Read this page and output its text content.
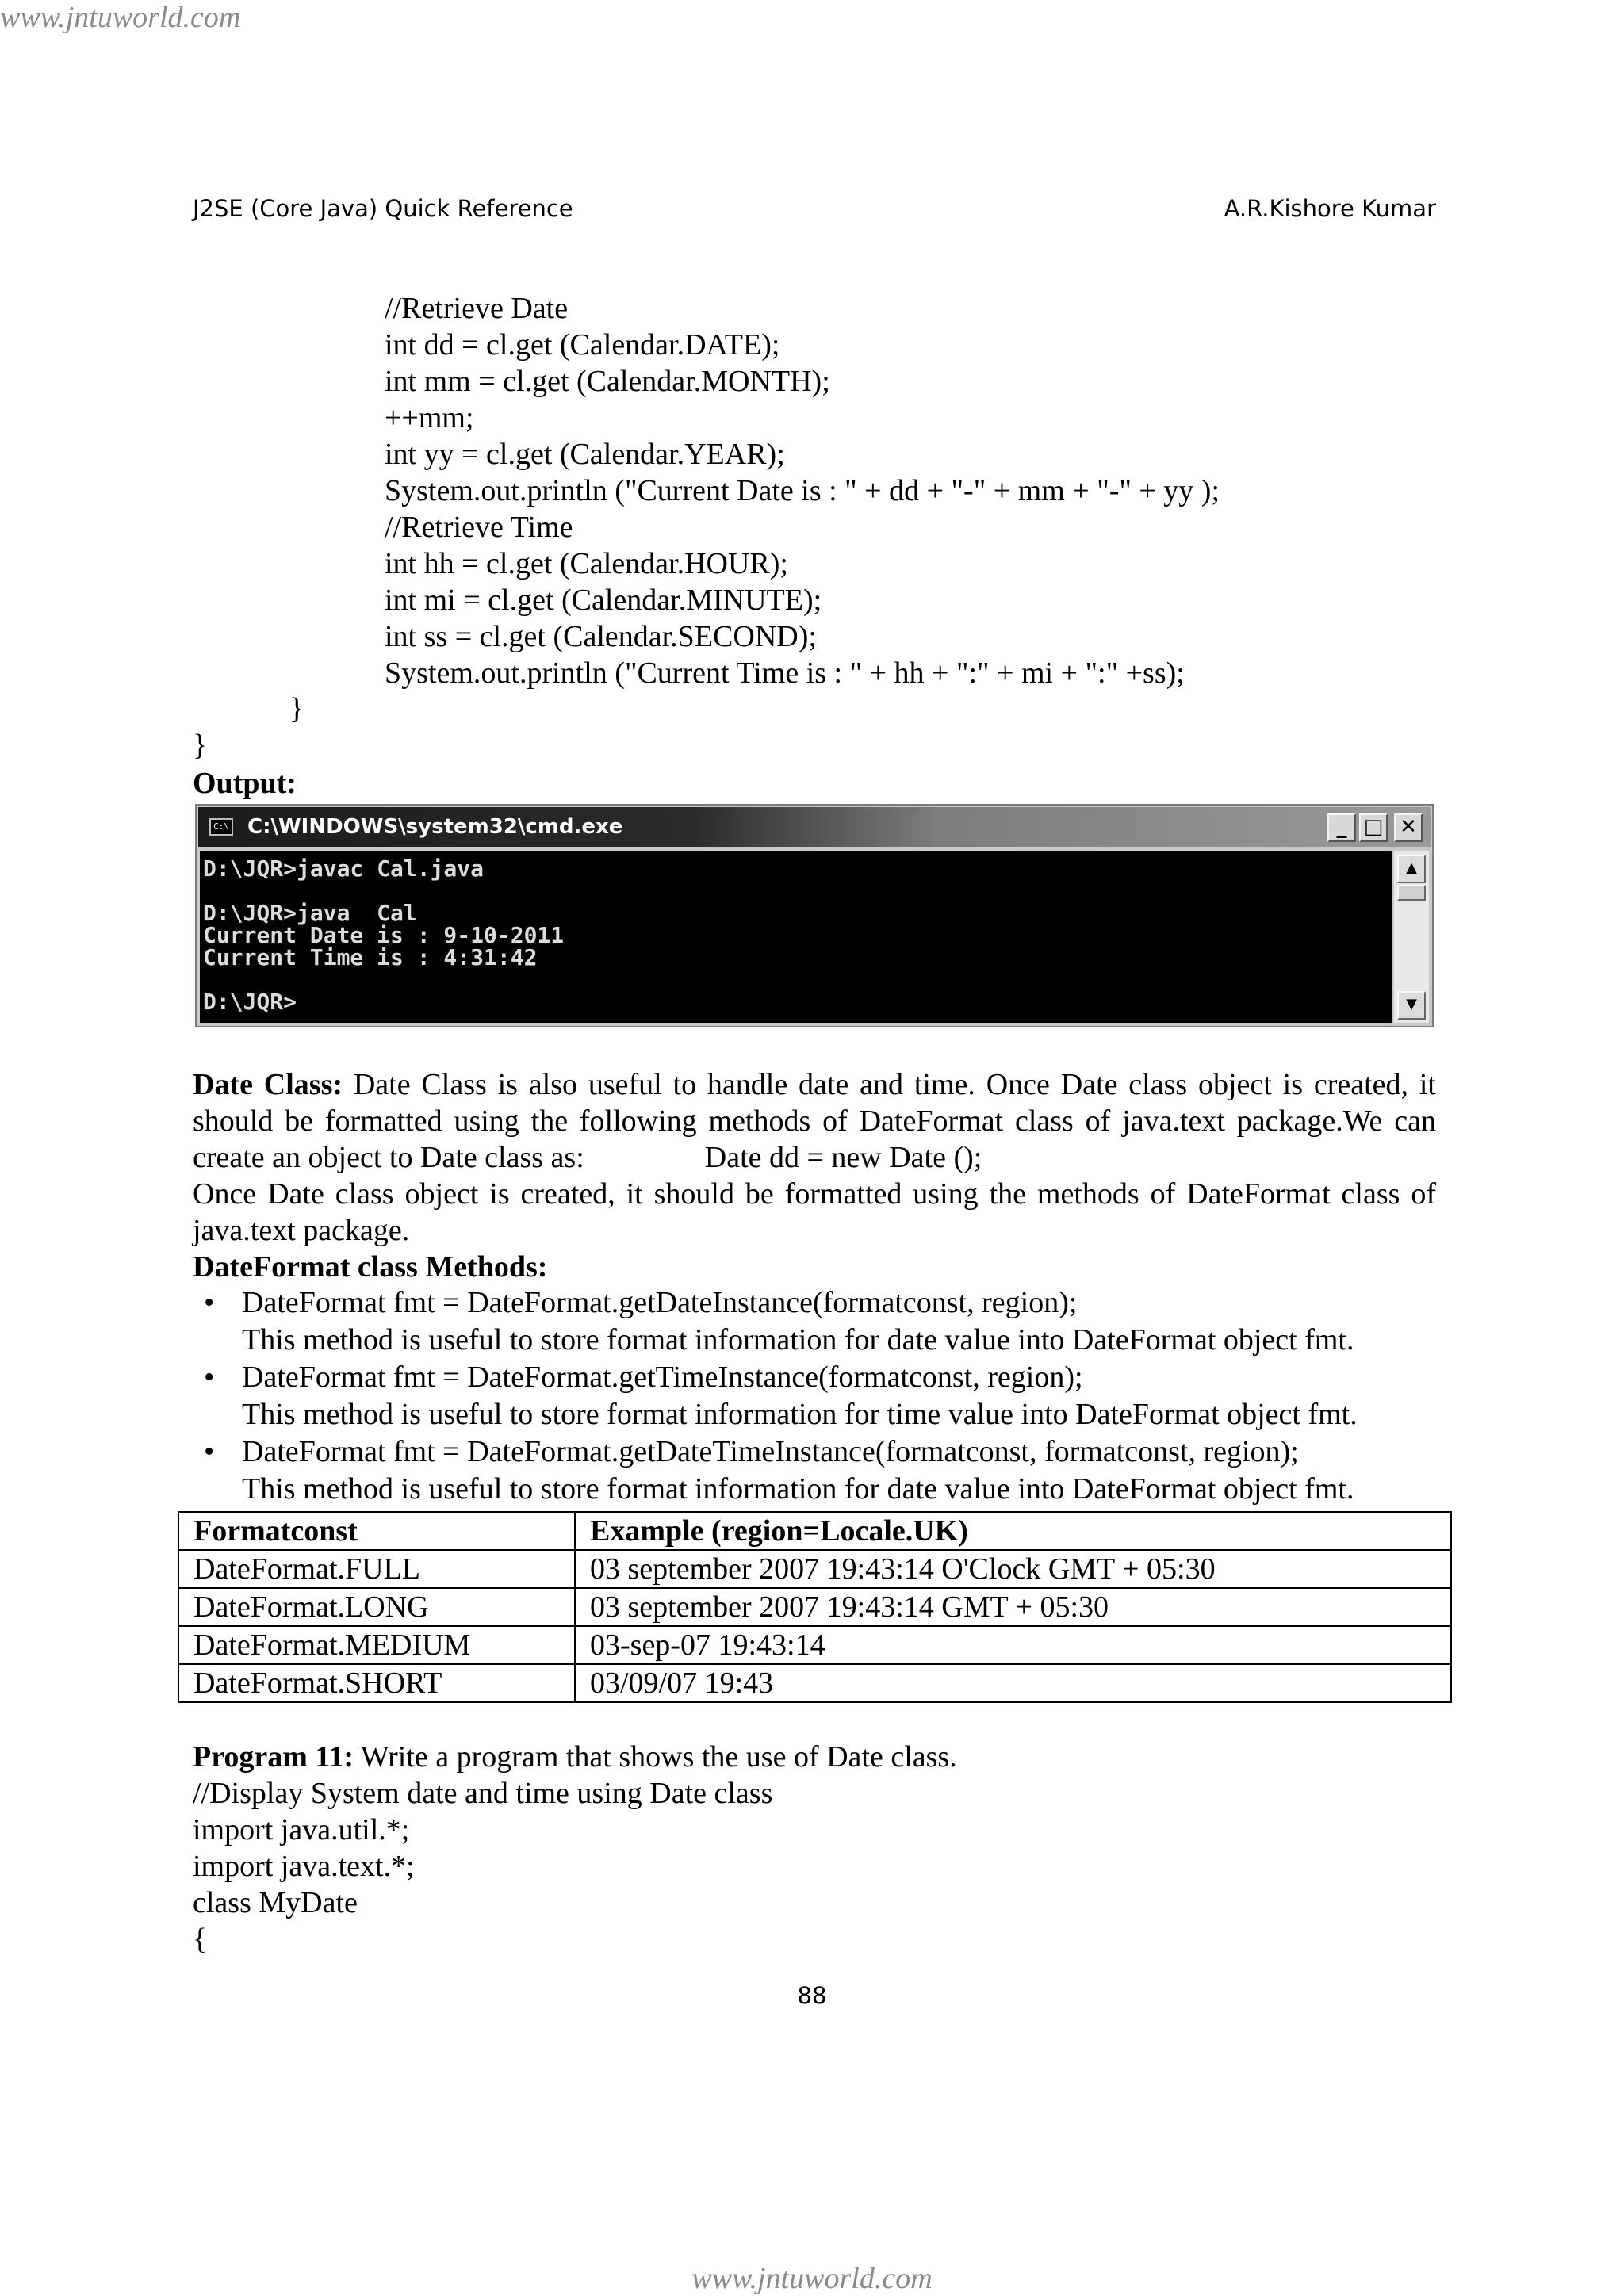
www.jntuworld.com
J2SE (Core Java) Quick Reference	A.R.Kishore Kumar
//Retrieve Date
int dd = cl.get (Calendar.DATE);
int mm = cl.get (Calendar.MONTH);
++mm;
int yy = cl.get (Calendar.YEAR);
System.out.println ("Current Date is : " + dd + "-" + mm + "-" + yy );
//Retrieve Time
int hh = cl.get (Calendar.HOUR);
int mi = cl.get (Calendar.MINUTE);
int ss = cl.get (Calendar.SECOND);
System.out.println ("Current Time is : " + hh + ":" + mi + ":" +ss);
}
}
Output:
C:\ C:\WINDOWS\system32\cmd.exe	_ □ ✕
D:\JQR>javac Cal.java
D:\JQR>java  Cal
Current Date is : 9-10-2011
Current Time is : 4:31:42
D:\JQR>
▲
▼
Date Class: Date Class is also useful to handle date and time. Once Date class object is created, it should be formatted using the following methods of DateFormat class of java.text package.We can create an object to Date class as:	Date dd = new Date ();
Once Date class object is created, it should be formatted using the methods of DateFormat class of java.text package.
DateFormat class Methods:
• DateFormat fmt = DateFormat.getDateInstance(formatconst, region);
This method is useful to store format information for date value into DateFormat object fmt.
• DateFormat fmt = DateFormat.getTimeInstance(formatconst, region);
This method is useful to store format information for time value into DateFormat object fmt.
• DateFormat fmt = DateFormat.getDateTimeInstance(formatconst, formatconst, region);
This method is useful to store format information for date value into DateFormat object fmt.
Formatconst	Example (region=Locale.UK)
DateFormat.FULL	03 september 2007 19:43:14 O'Clock GMT + 05:30
DateFormat.LONG	03 september 2007 19:43:14 GMT + 05:30
DateFormat.MEDIUM	03-sep-07 19:43:14
DateFormat.SHORT	03/09/07 19:43
Program 11: Write a program that shows the use of Date class.
//Display System date and time using Date class
import java.util.*;
import java.text.*;
class MyDate
{
88
www.jntuworld.com
